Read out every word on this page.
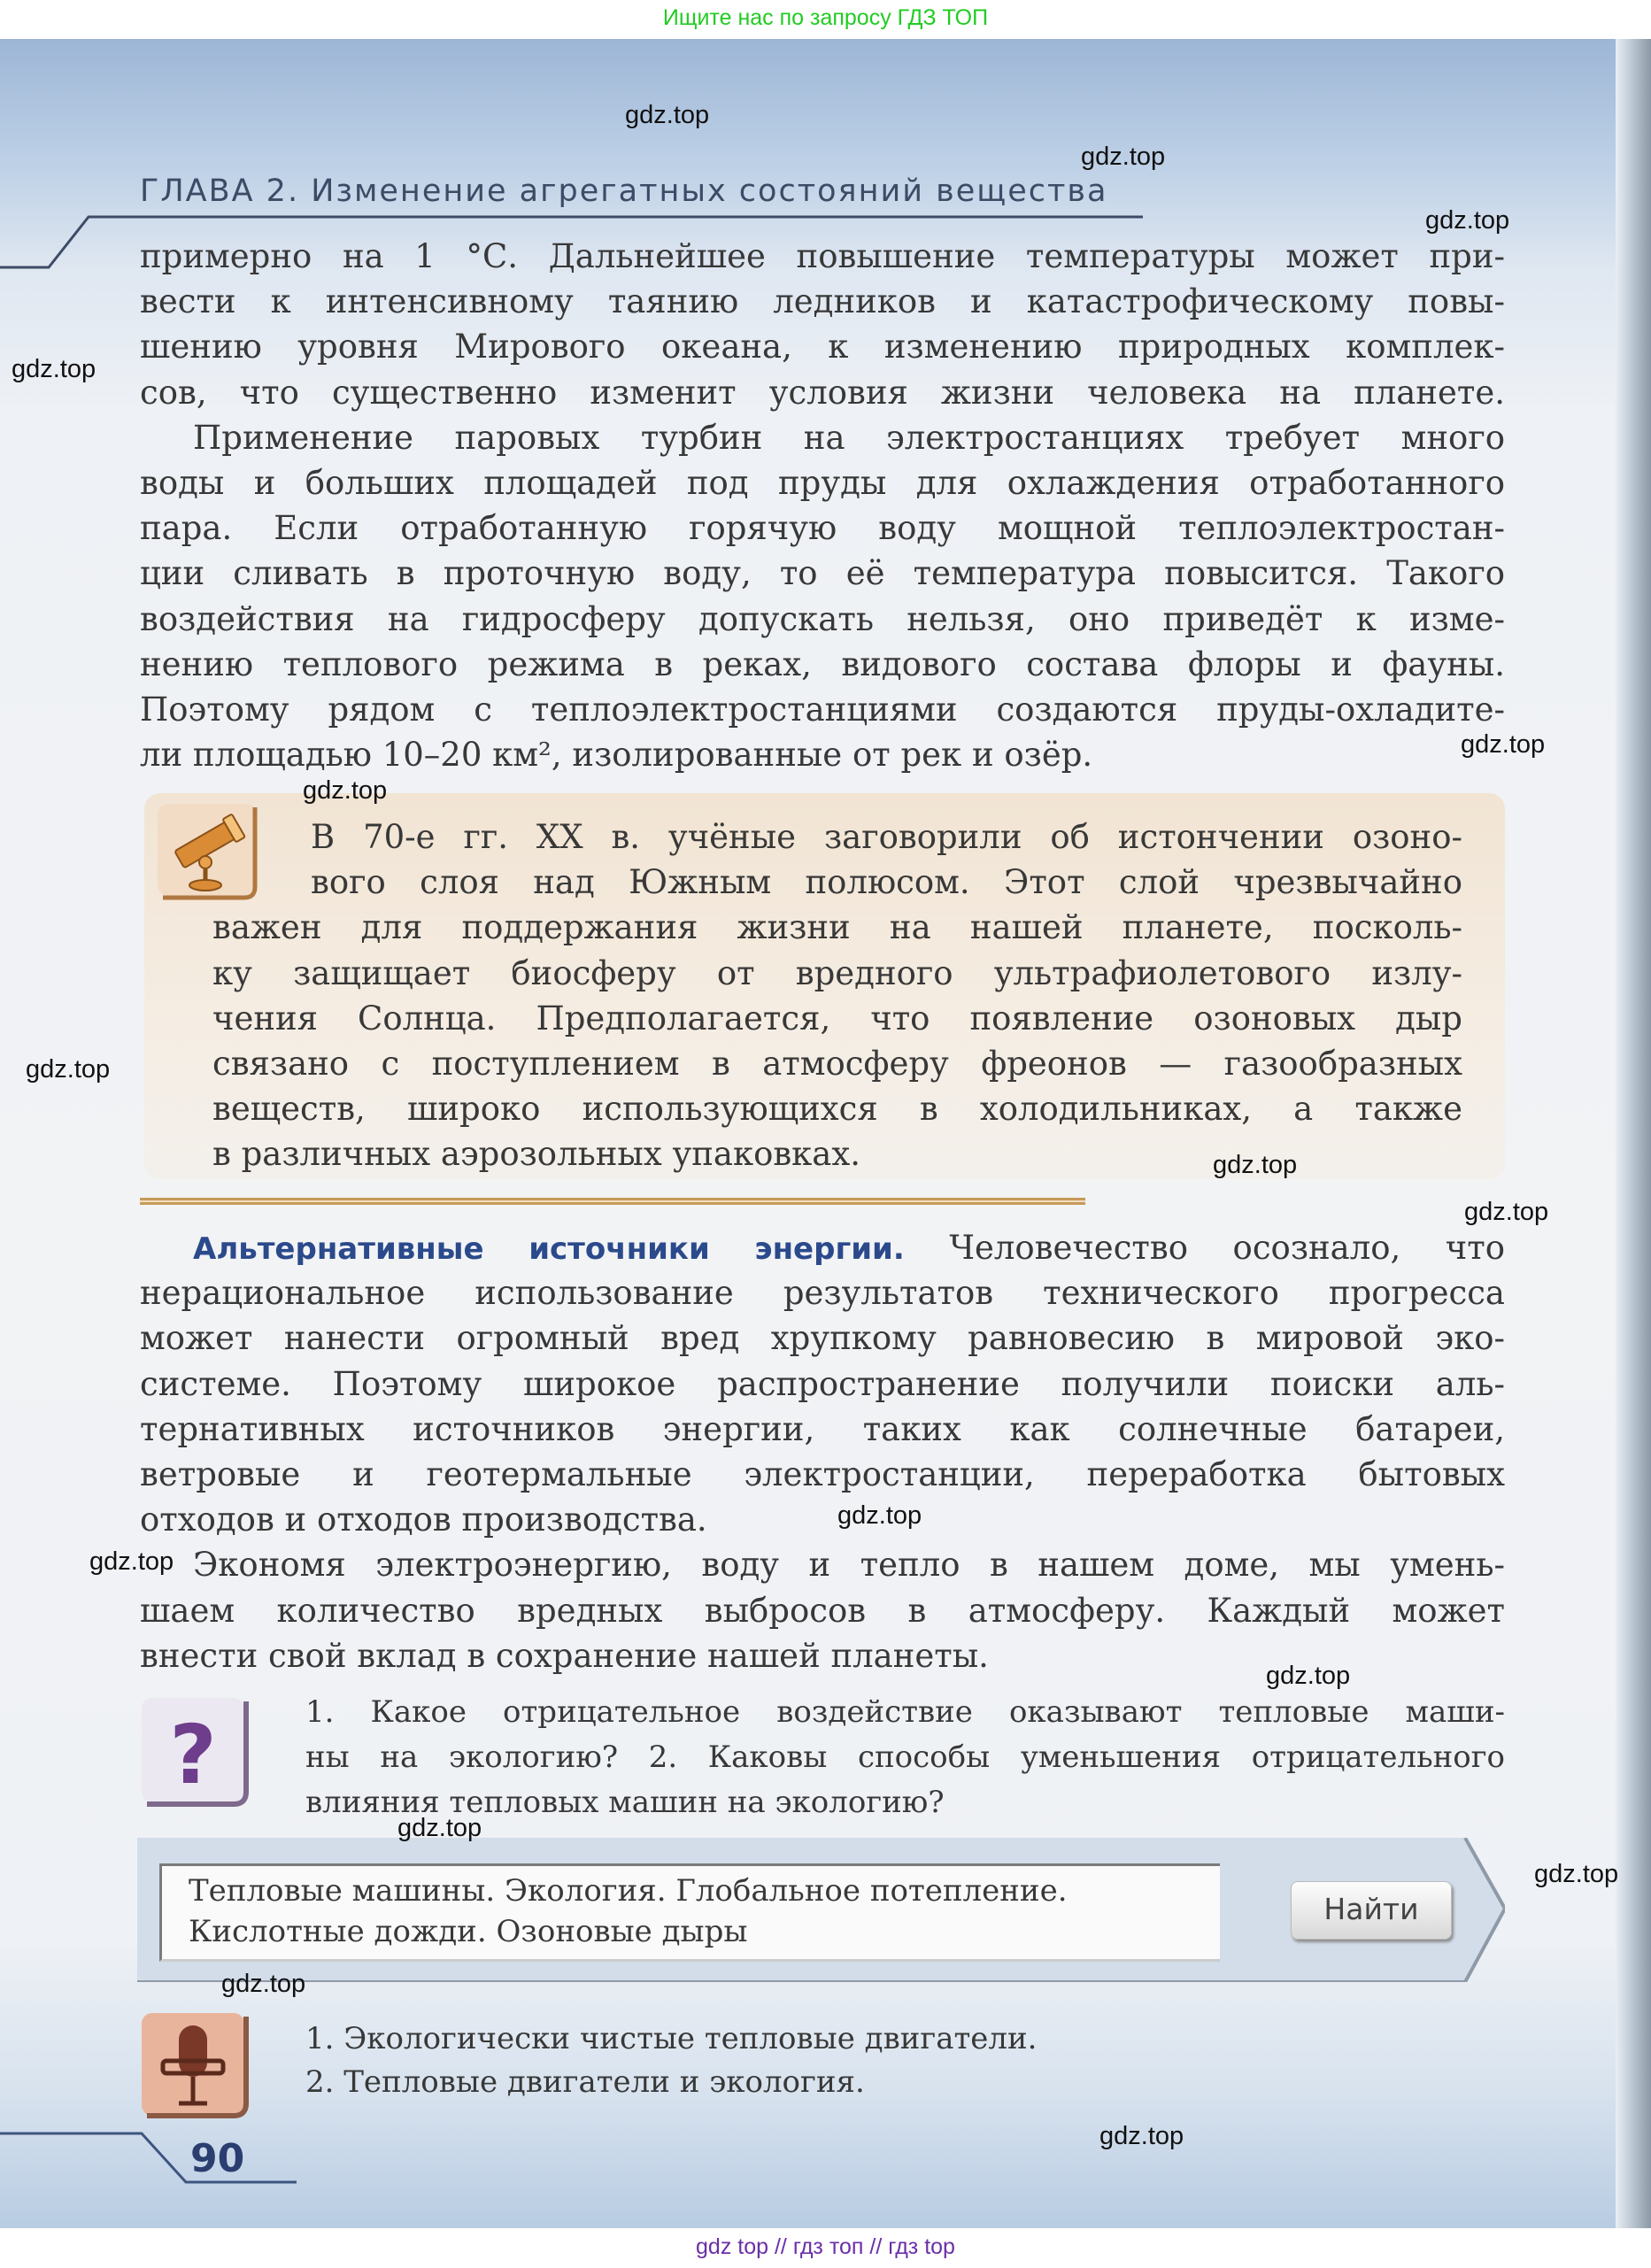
Ищите нас по запросу ГДЗ ТОП
ГЛАВА 2. Изменение агрегатных состояний вещества
примерно на 1 °С. Дальнейшее повышение температуры может при-
вести к интенсивному таянию ледников и катастрофическому повы-
шению уровня Мирового океана, к изменению природных комплек-
сов, что существенно изменит условия жизни человека на планете.
Применение паровых турбин на электростанциях требует много
воды и больших площадей под пруды для охлаждения отработанного
пара. Если отработанную горячую воду мощной теплоэлектростан-
ции сливать в проточную воду, то её температура повысится. Такого
воздействия на гидросферу допускать нельзя, оно приведёт к изме-
нению теплового режима в реках, видового состава флоры и фауны.
Поэтому рядом с теплоэлектростанциями создаются пруды-охладите-
ли площадью 10–20 км², изолированные от рек и озёр.
В 70-е гг. XX в. учёные заговорили об истончении озоно-
вого слоя над Южным полюсом. Этот слой чрезвычайно
важен для поддержания жизни на нашей планете, посколь-
ку защищает биосферу от вредного ультрафиолетового излу-
чения Солнца. Предполагается, что появление озоновых дыр
связано с поступлением в атмосферу фреонов — газообразных
веществ, широко использующихся в холодильниках, а также
в различных аэрозольных упаковках.
Альтернативные источники энергии. Человечество осознало, что
нерациональное использование результатов технического прогресса
может нанести огромный вред хрупкому равновесию в мировой эко-
системе. Поэтому широкое распространение получили поиски аль-
тернативных источников энергии, таких как солнечные батареи,
ветровые и геотермальные электростанции, переработка бытовых
отходов и отходов производства.
Экономя электроэнергию, воду и тепло в нашем доме, мы умень-
шаем количество вредных выбросов в атмосферу. Каждый может
внести свой вклад в сохранение нашей планеты.
?	1. Какое отрицательное воздействие оказывают тепловые маши-
ны на экологию? 2. Каковы способы уменьшения отрицательного
влияния тепловых машин на экологию?
Тепловые машины. Экология. Глобальное потепление.
Кислотные дожди. Озоновые дыры
Найти
1. Экологически чистые тепловые двигатели.
2. Тепловые двигатели и экология.
90
gdz.top
gdz.top
gdz.top
gdz.top
gdz.top
gdz.top
gdz.top
gdz.top
gdz.top
gdz.top
gdz.top
gdz.top
gdz.top
gdz.top
gdz.top
gdz.top
gdz top // гдз топ // гдз top
